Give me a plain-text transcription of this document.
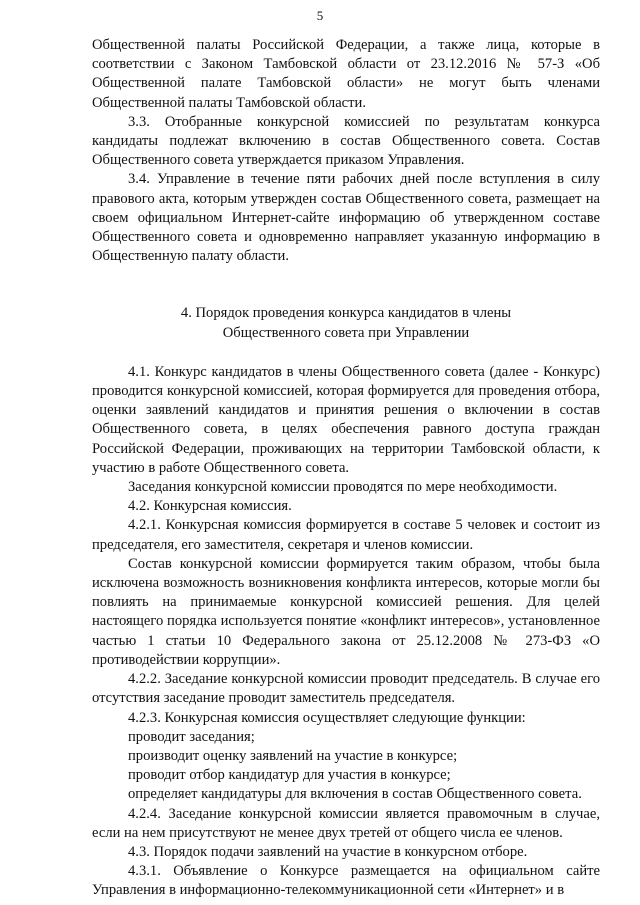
5

Общественной палаты Российской Федерации, а также лица, которые в соответствии с Законом Тамбовской области от 23.12.2016 № 57-З «Об Общественной палате Тамбовской области» не могут быть членами Общественной палаты Тамбовской области.

3.3. Отобранные конкурсной комиссией по результатам конкурса кандидаты подлежат включению в состав Общественного совета. Состав Общественного совета утверждается приказом Управления.

3.4. Управление в течение пяти рабочих дней после вступления в силу правового акта, которым утвержден состав Общественного совета, размещает на своем официальном Интернет-сайте информацию об утвержденном составе Общественного совета и одновременно направляет указанную информацию в Общественную палату области.

4. Порядок проведения конкурса кандидатов в члены

Общественного совета при Управлении

4.1. Конкурс кандидатов в члены Общественного совета (далее - Конкурс) проводится конкурсной комиссией, которая формируется для проведения отбора, оценки заявлений кандидатов и принятия решения о включении в состав Общественного совета, в целях обеспечения равного доступа граждан Российской Федерации, проживающих на территории Тамбовской области, к участию в работе Общественного совета.

Заседания конкурсной комиссии проводятся по мере необходимости.

4.2. Конкурсная комиссия.

4.2.1. Конкурсная комиссия формируется в составе 5 человек и состоит из председателя, его заместителя, секретаря и членов комиссии.

Состав конкурсной комиссии формируется таким образом, чтобы была исключена возможность возникновения конфликта интересов, которые могли бы повлиять на принимаемые конкурсной комиссией решения. Для целей настоящего порядка используется понятие «конфликт интересов», установленное частью 1 статьи 10 Федерального закона от 25.12.2008 № 273-ФЗ «О противодействии коррупции».

4.2.2. Заседание конкурсной комиссии проводит председатель. В случае его отсутствия заседание проводит заместитель председателя.

4.2.3. Конкурсная комиссия осуществляет следующие функции:

проводит заседания;

производит оценку заявлений на участие в конкурсе;

проводит отбор кандидатур для участия в конкурсе;

определяет кандидатуры для включения в состав Общественного совета.

4.2.4. Заседание конкурсной комиссии является правомочным в случае, если на нем присутствуют не менее двух третей от общего числа ее членов.

4.3. Порядок подачи заявлений на участие в конкурсном отборе.

4.3.1. Объявление о Конкурсе размещается на официальном сайте Управления в информационно-телекоммуникационной сети «Интернет» и в
